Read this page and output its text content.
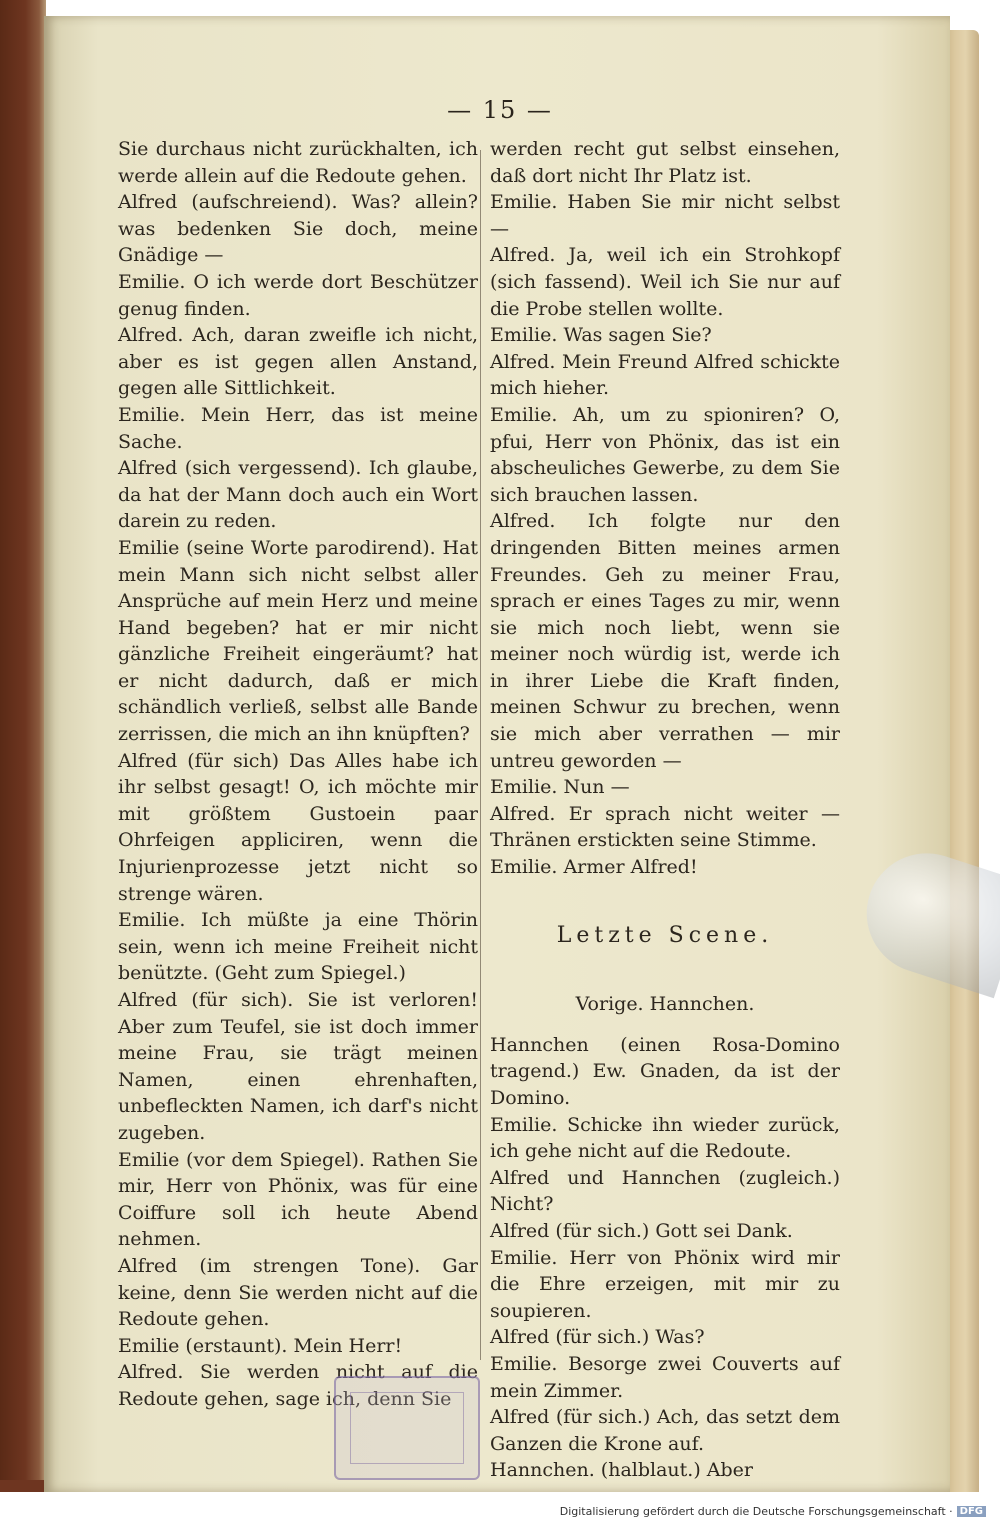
— 15 —

Sie durchaus nicht zurückhalten, ich werde allein auf die Redoute gehen.

Alfred (aufschreiend). Was? allein? was bedenken Sie doch, meine Gnädige —

Emilie. O ich werde dort Beschützer genug finden.

Alfred. Ach, daran zweifle ich nicht, aber es ist gegen allen Anstand, gegen alle Sittlichkeit.

Emilie. Mein Herr, das ist meine Sache.

Alfred (sich vergessend). Ich glaube, da hat der Mann doch auch ein Wort darein zu reden.

Emilie (seine Worte parodirend). Hat mein Mann sich nicht selbst aller Ansprüche auf mein Herz und meine Hand begeben? hat er mir nicht gänzliche Freiheit eingeräumt? hat er nicht dadurch, daß er mich schändlich verließ, selbst alle Bande zerrissen, die mich an ihn knüpften?

Alfred (für sich) Das Alles habe ich ihr selbst gesagt! O, ich möchte mir mit größtem Gustoein paar Ohrfeigen appliciren, wenn die Injurienprozesse jetzt nicht so strenge wären.

Emilie. Ich müßte ja eine Thörin sein, wenn ich meine Freiheit nicht benützte. (Geht zum Spiegel.)

Alfred (für sich). Sie ist verloren! Aber zum Teufel, sie ist doch immer meine Frau, sie trägt meinen Namen, einen ehrenhaften, unbefleckten Namen, ich darf's nicht zugeben.

Emilie (vor dem Spiegel). Rathen Sie mir, Herr von Phönix, was für eine Coiffure soll ich heute Abend nehmen.

Alfred (im strengen Tone). Gar keine, denn Sie werden nicht auf die Redoute gehen.

Emilie (erstaunt). Mein Herr!

Alfred. Sie werden nicht auf die Redoute gehen, sage ich, denn Sie

werden recht gut selbst einsehen, daß dort nicht Ihr Platz ist.

Emilie. Haben Sie mir nicht selbst —

Alfred. Ja, weil ich ein Strohkopf (sich fassend). Weil ich Sie nur auf die Probe stellen wollte.

Emilie. Was sagen Sie?

Alfred. Mein Freund Alfred schickte mich hieher.

Emilie. Ah, um zu spioniren? O, pfui, Herr von Phönix, das ist ein abscheuliches Gewerbe, zu dem Sie sich brauchen lassen.

Alfred. Ich folgte nur den dringenden Bitten meines armen Freundes. Geh zu meiner Frau, sprach er eines Tages zu mir, wenn sie mich noch liebt, wenn sie meiner noch würdig ist, werde ich in ihrer Liebe die Kraft finden, meinen Schwur zu brechen, wenn sie mich aber verrathen — mir untreu geworden —

Emilie. Nun —

Alfred. Er sprach nicht weiter — Thränen erstickten seine Stimme.

Emilie. Armer Alfred!

Letzte Scene.

Vorige. Hannchen.

Hannchen (einen Rosa-Domino tragend.) Ew. Gnaden, da ist der Domino.

Emilie. Schicke ihn wieder zurück, ich gehe nicht auf die Redoute.

Alfred und Hannchen (zugleich.) Nicht?

Alfred (für sich.) Gott sei Dank.

Emilie. Herr von Phönix wird mir die Ehre erzeigen, mit mir zu soupieren.

Alfred (für sich.) Was?

Emilie. Besorge zwei Couverts auf mein Zimmer.

Alfred (für sich.) Ach, das setzt dem Ganzen die Krone auf.

Hannchen. (halblaut.) Aber

Digitalisierung gefördert durch die Deutsche Forschungsgemeinschaft · DFG
